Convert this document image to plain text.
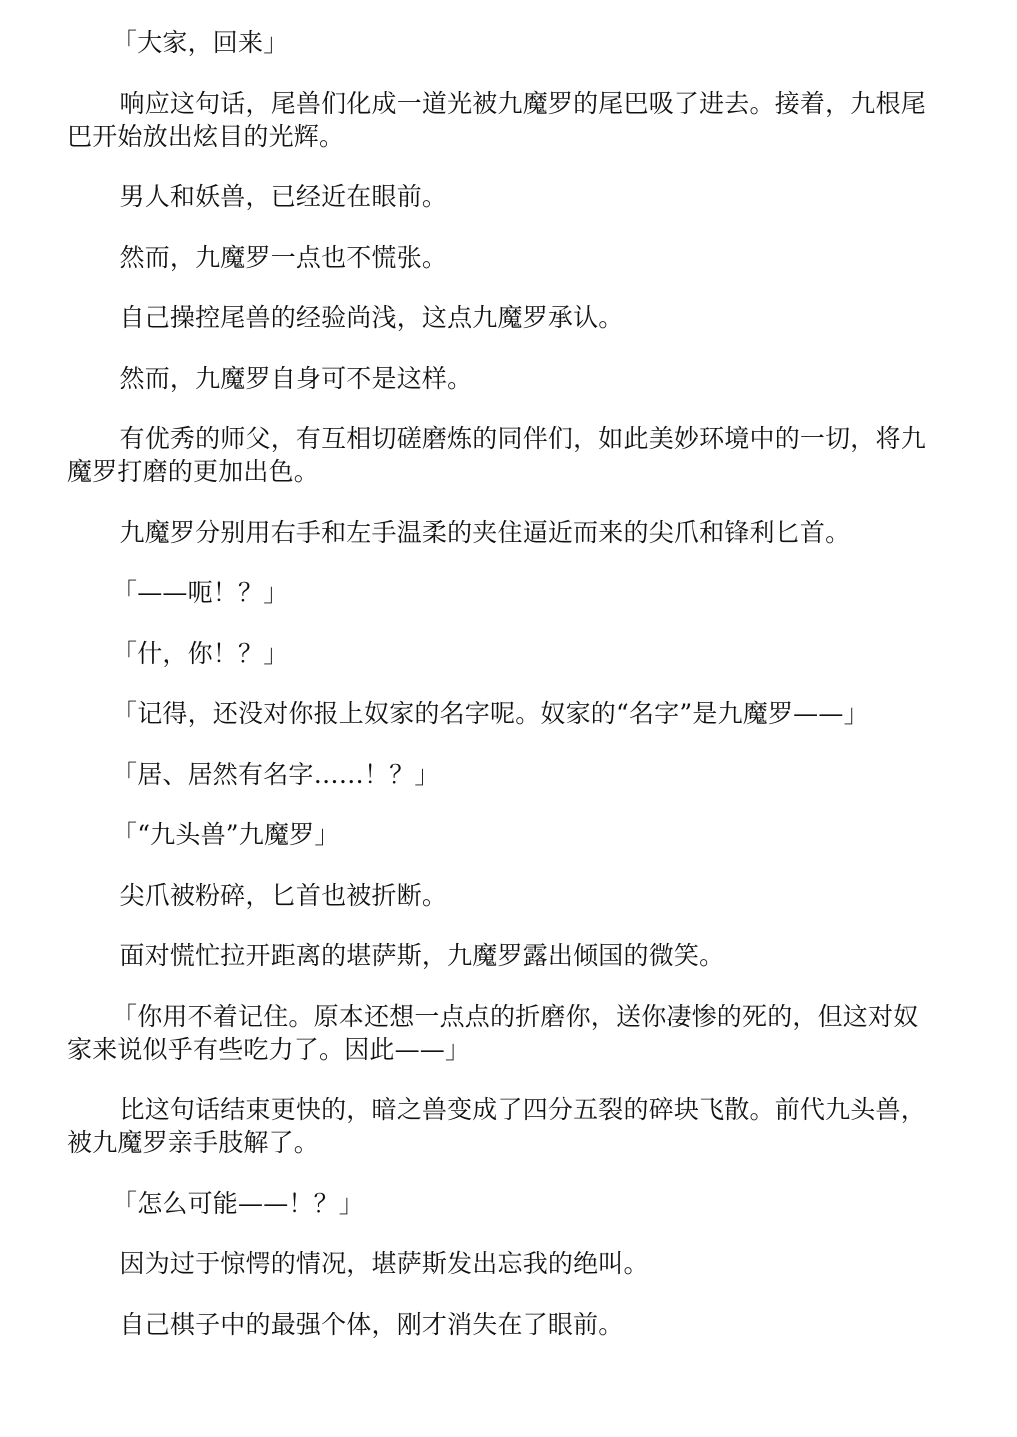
「大家，回来」

响应这句话，尾兽们化成一道光被九魔罗的尾巴吸了进去。接着，九根尾巴开始放出炫目的光辉。

男人和妖兽，已经近在眼前。

然而，九魔罗一点也不慌张。

自己操控尾兽的经验尚浅，这点九魔罗承认。

然而，九魔罗自身可不是这样。

有优秀的师父，有互相切磋磨炼的同伴们，如此美妙环境中的一切，将九魔罗打磨的更加出色。

九魔罗分别用右手和左手温柔的夹住逼近而来的尖爪和锋利匕首。

「——呃！？」

「什，你！？」

「记得，还没对你报上奴家的名字呢。奴家的“名字”是九魔罗——」

「居、居然有名字……！？」

「“九头兽”九魔罗」

尖爪被粉碎，匕首也被折断。

面对慌忙拉开距离的堪萨斯，九魔罗露出倾国的微笑。

「你用不着记住。原本还想一点点的折磨你，送你凄惨的死的，但这对奴家来说似乎有些吃力了。因此——」

比这句话结束更快的，暗之兽变成了四分五裂的碎块飞散。前代九头兽，被九魔罗亲手肢解了。

「怎么可能——！？」

因为过于惊愕的情况，堪萨斯发出忘我的绝叫。

自己棋子中的最强个体，刚才消失在了眼前。
